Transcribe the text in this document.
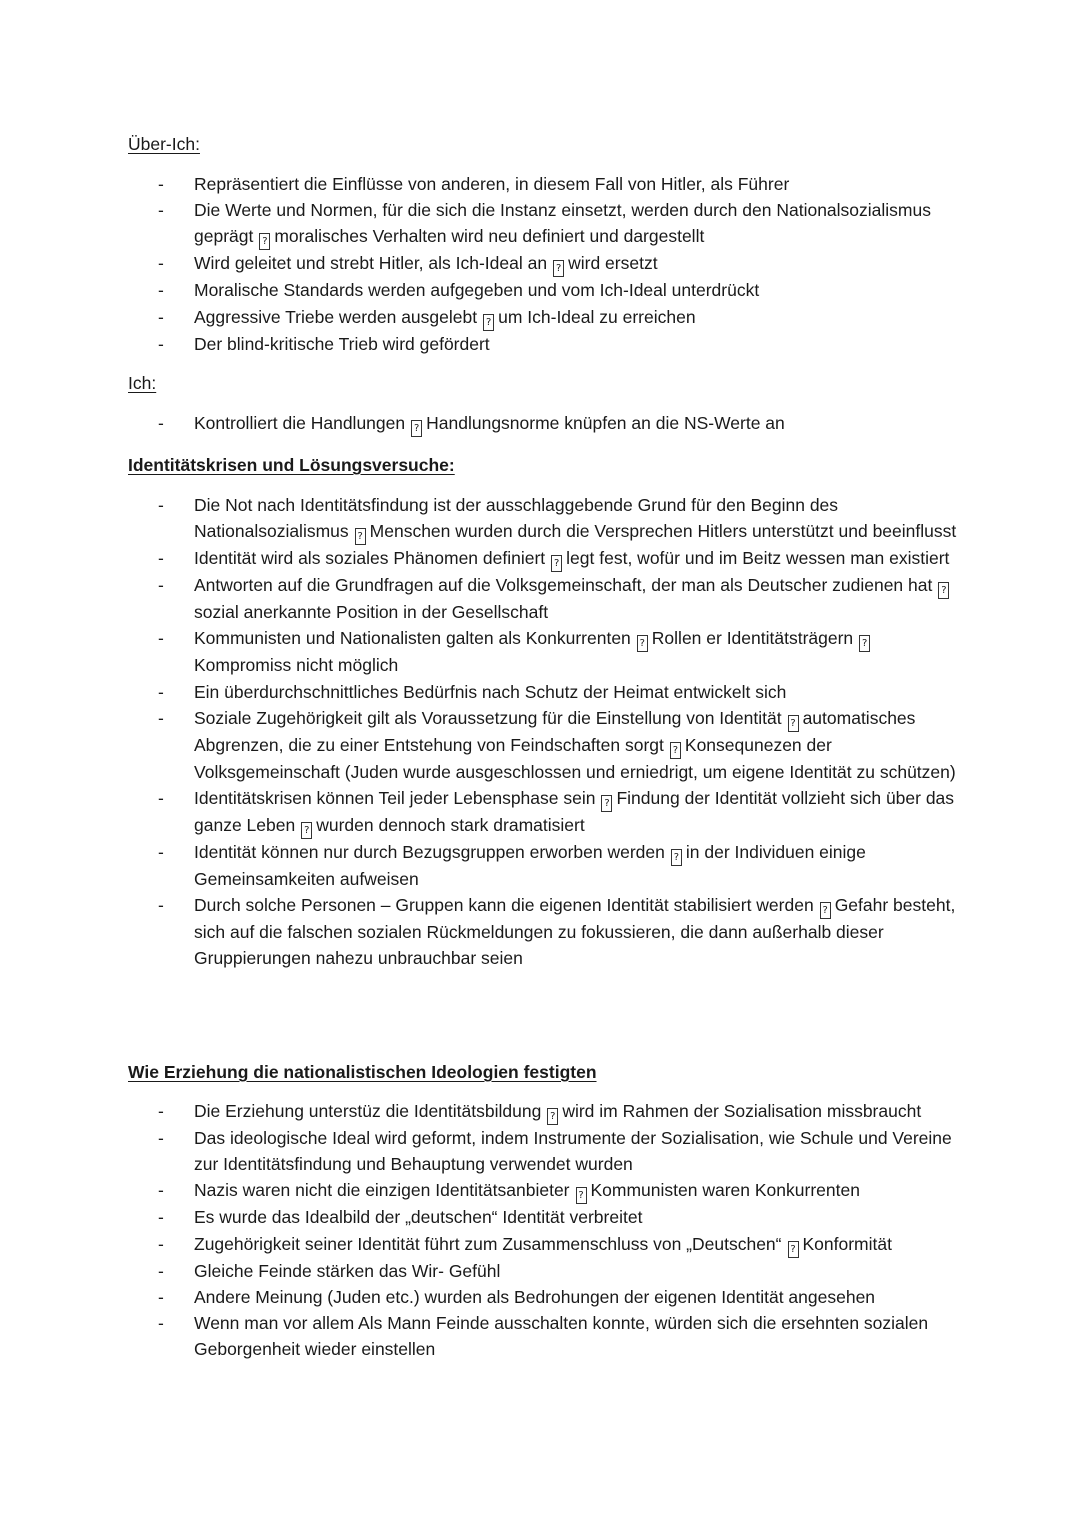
Über-Ich:
-	Repräsentiert die Einflüsse von anderen, in diesem Fall von Hitler, als Führer
-	Die Werte und Normen, für die sich die Instanz einsetzt, werden durch den Nationalsozialismus geprägt ? moralisches Verhalten wird neu definiert und dargestellt
-	Wird geleitet und strebt Hitler, als Ich-Ideal an ? wird ersetzt
-	Moralische Standards werden aufgegeben und vom Ich-Ideal unterdrückt
-	Aggressive Triebe werden ausgelebt ? um Ich-Ideal zu erreichen
-	Der blind-kritische Trieb wird gefördert
Ich:
-	Kontrolliert die Handlungen ? Handlungsnorme knüpfen an die NS-Werte an
Identitätskrisen und Lösungsversuche:
-	Die Not nach Identitätsfindung ist der ausschlaggebende Grund für den Beginn des Nationalsozialismus ? Menschen wurden durch die Versprechen Hitlers unterstützt und beeinflusst
-	Identität wird als soziales Phänomen definiert ? legt fest, wofür und im Beitz wessen man existiert
-	Antworten auf die Grundfragen auf die Volksgemeinschaft, der man als Deutscher zudienen hat ?sozial anerkannte Position in der Gesellschaft
-	Kommunisten und Nationalisten galten als Konkurrenten ? Rollen er Identitätsträgern ?Kompromiss nicht möglich
-	Ein überdurchschnittliches Bedürfnis nach Schutz der Heimat entwickelt sich
-	Soziale Zugehörigkeit gilt als Voraussetzung für die Einstellung von Identität ? automatisches Abgrenzen, die zu einer Entstehung von Feindschaften sorgt ? Konsequnezen der Volksgemeinschaft (Juden wurde ausgeschlossen und erniedrigt, um eigene Identität zu schützen)
-	Identitätskrisen können Teil jeder Lebensphase sein ? Findung der Identität vollzieht sich über das ganze Leben ? wurden dennoch stark dramatisiert
-	Identität können nur durch Bezugsgruppen erworben werden ? in der Individuen einige Gemeinsamkeiten aufweisen
-	Durch solche Personen – Gruppen kann die eigenen Identität stabilisiert werden ? Gefahr besteht, sich auf die falschen sozialen Rückmeldungen zu fokussieren, die dann außerhalb dieser Gruppierungen nahezu unbrauchbar seien
Wie Erziehung die nationalistischen Ideologien festigten
-	Die Erziehung unterstüz die Identitätsbildung ? wird im Rahmen der Sozialisation missbraucht
-	Das ideologische Ideal wird geformt, indem Instrumente der Sozialisation, wie Schule und Vereine zur Identitätsfindung und Behauptung verwendet wurden
-	Nazis waren nicht die einzigen Identitätsanbieter ? Kommunisten waren Konkurrenten
-	Es wurde das Idealbild der „deutschen“ Identität verbreitet
-	Zugehörigkeit seiner Identität führt zum Zusammenschluss von „Deutschen“ ? Konformität
-	Gleiche Feinde stärken das Wir- Gefühl
-	Andere Meinung (Juden etc.) wurden als Bedrohungen der eigenen Identität angesehen
-	Wenn man vor allem Als Mann Feinde ausschalten konnte, würden sich die ersehnten sozialen Geborgenheit wieder einstellen
